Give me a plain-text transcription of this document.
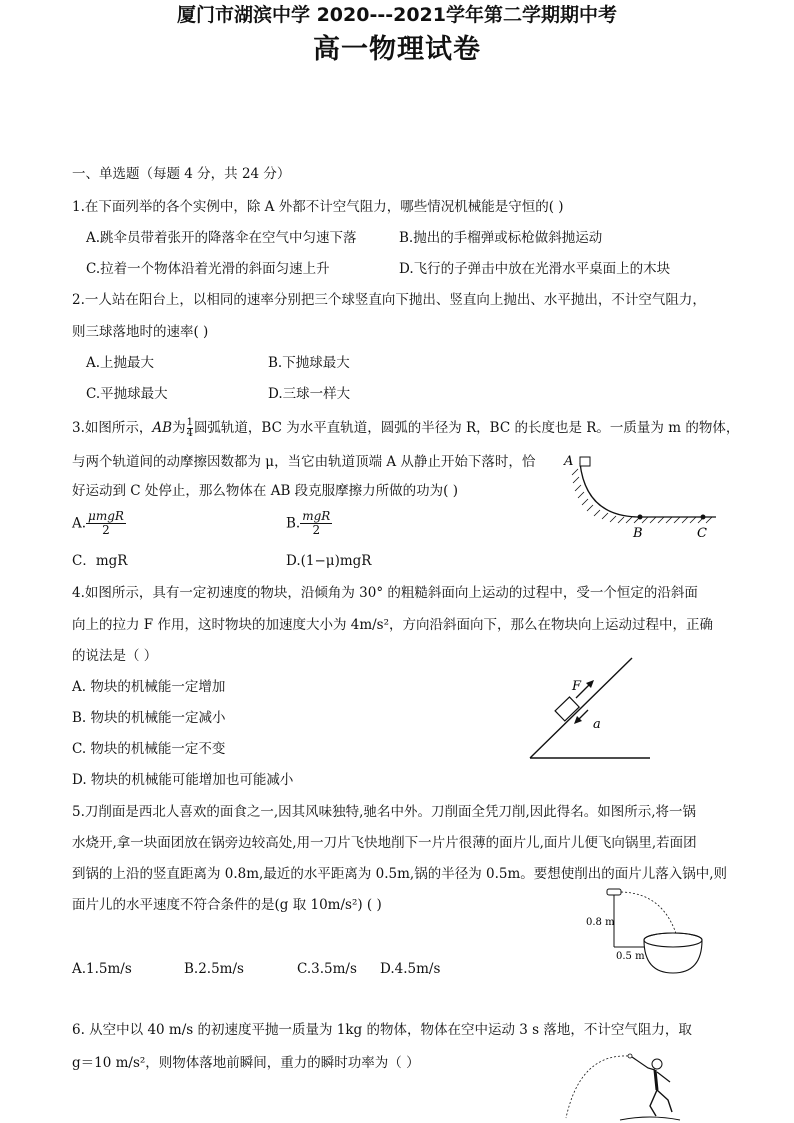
厦门市湖滨中学 2020---2021学年第二学期期中考
高一物理试卷
一、单选题（每题 4 分，共 24 分）
1.在下面列举的各个实例中，除 A 外都不计空气阻力，哪些情况机械能是守恒的( )
A.跳伞员带着张开的降落伞在空气中匀速下落	B.抛出的手榴弹或标枪做斜抛运动
C.拉着一个物体沿着光滑的斜面匀速上升	D.飞行的子弹击中放在光滑水平桌面上的木块
2.一人站在阳台上，以相同的速率分别把三个球竖直向下抛出、竖直向上抛出、水平抛出，不计空气阻力，
则三球落地时的速率( )
A.上抛最大	B.下抛球最大
C.平抛球最大	D.三球一样大
3.如图所示，AB为 $\frac{1}{4}$ 圆弧轨道，BC 为水平直轨道，圆弧的半径为 R，BC 的长度也是 R。一质量为 m 的物体，
与两个轨道间的动摩擦因数都为 μ，当它由轨道顶端 A 从静止开始下落时，恰
好运动到 C 处停止，那么物体在 AB 段克服摩擦力所做的功为( )
A. $\frac{\text{μmgR}}{2}$	B. $\frac{\text{mgR}}{2}$
C．mgR	D.(1−μ)mgR
A
B	C
4.如图所示，具有一定初速度的物块，沿倾角为 30° 的粗糙斜面向上运动的过程中，受一个恒定的沿斜面
向上的拉力 F 作用，这时物块的加速度大小为 4m/s²，方向沿斜面向下，那么在物块向上运动过程中，正确
的说法是（ ）
A. 物块的机械能一定增加
B. 物块的机械能一定减小
C. 物块的机械能一定不变
D. 物块的机械能可能增加也可能减小
F
a
5.刀削面是西北人喜欢的面食之一,因其风味独特,驰名中外。刀削面全凭刀削,因此得名。如图所示,将一锅
水烧开,拿一块面团放在锅旁边较高处,用一刀片飞快地削下一片片很薄的面片儿,面片儿便飞向锅里,若面团
到锅的上沿的竖直距离为 0.8m,最近的水平距离为 0.5m,锅的半径为 0.5m。要想使削出的面片儿落入锅中,则
面片儿的水平速度不符合条件的是(g 取 10m/s²) ( )
A.1.5m/s	B.2.5m/s	C.3.5m/s D.4.5m/s
0.8 m
0.5 m
6. 从空中以 40 m/s 的初速度平抛一质量为 1kg 的物体，物体在空中运动 3 s 落地，不计空气阻力，取
g＝10 m/s²，则物体落地前瞬间，重力的瞬时功率为（ ）
